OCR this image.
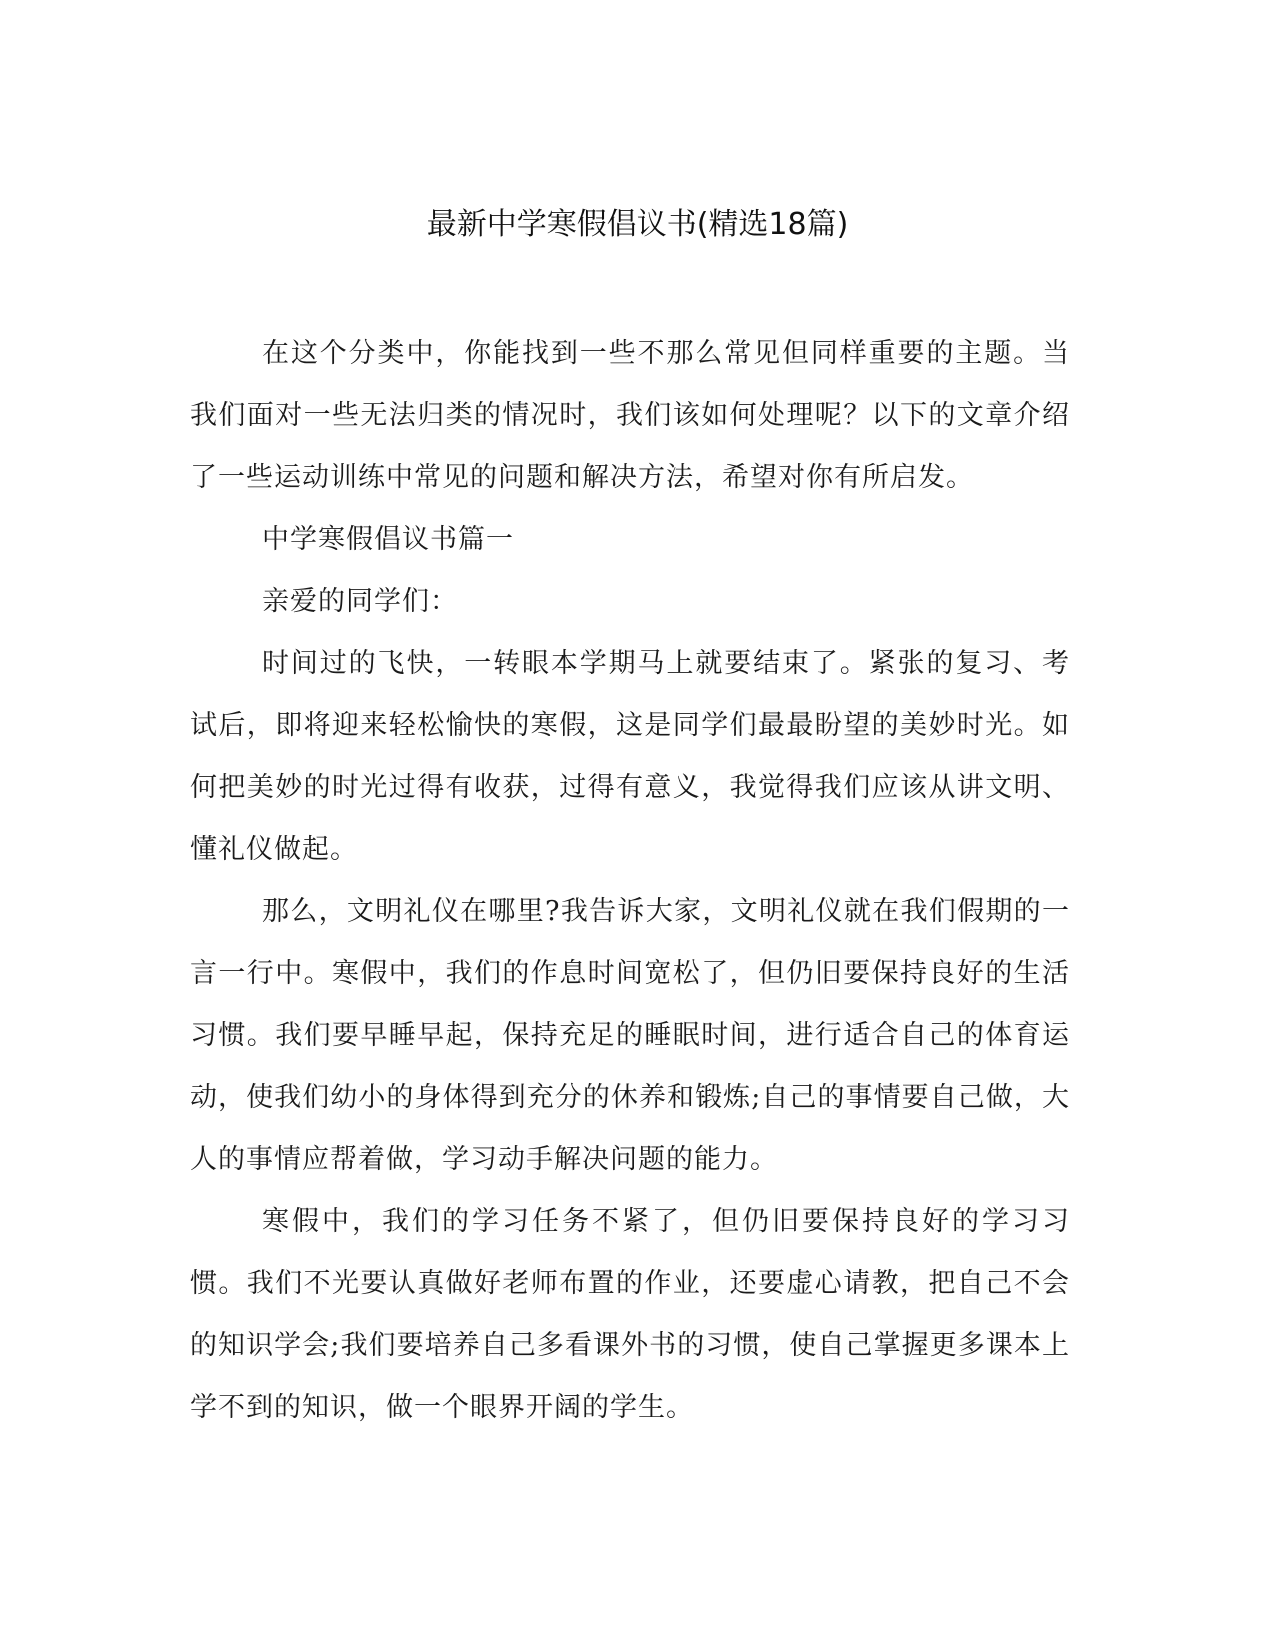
最新中学寒假倡议书(精选18篇)

在这个分类中，你能找到一些不那么常见但同样重要的主题。当我们面对一些无法归类的情况时，我们该如何处理呢？以下的文章介绍了一些运动训练中常见的问题和解决方法，希望对你有所启发。

中学寒假倡议书篇一

亲爱的同学们：

时间过的飞快，一转眼本学期马上就要结束了。紧张的复习、考试后，即将迎来轻松愉快的寒假，这是同学们最最盼望的美妙时光。如何把美妙的时光过得有收获，过得有意义，我觉得我们应该从讲文明、懂礼仪做起。

那么，文明礼仪在哪里?我告诉大家，文明礼仪就在我们假期的一言一行中。寒假中，我们的作息时间宽松了，但仍旧要保持良好的生活习惯。我们要早睡早起，保持充足的睡眠时间，进行适合自己的体育运动，使我们幼小的身体得到充分的休养和锻炼;自己的事情要自己做，大人的事情应帮着做，学习动手解决问题的能力。

寒假中，我们的学习任务不紧了，但仍旧要保持良好的学习习惯。我们不光要认真做好老师布置的作业，还要虚心请教，把自己不会的知识学会;我们要培养自己多看课外书的习惯，使自己掌握更多课本上学不到的知识，做一个眼界开阔的学生。
